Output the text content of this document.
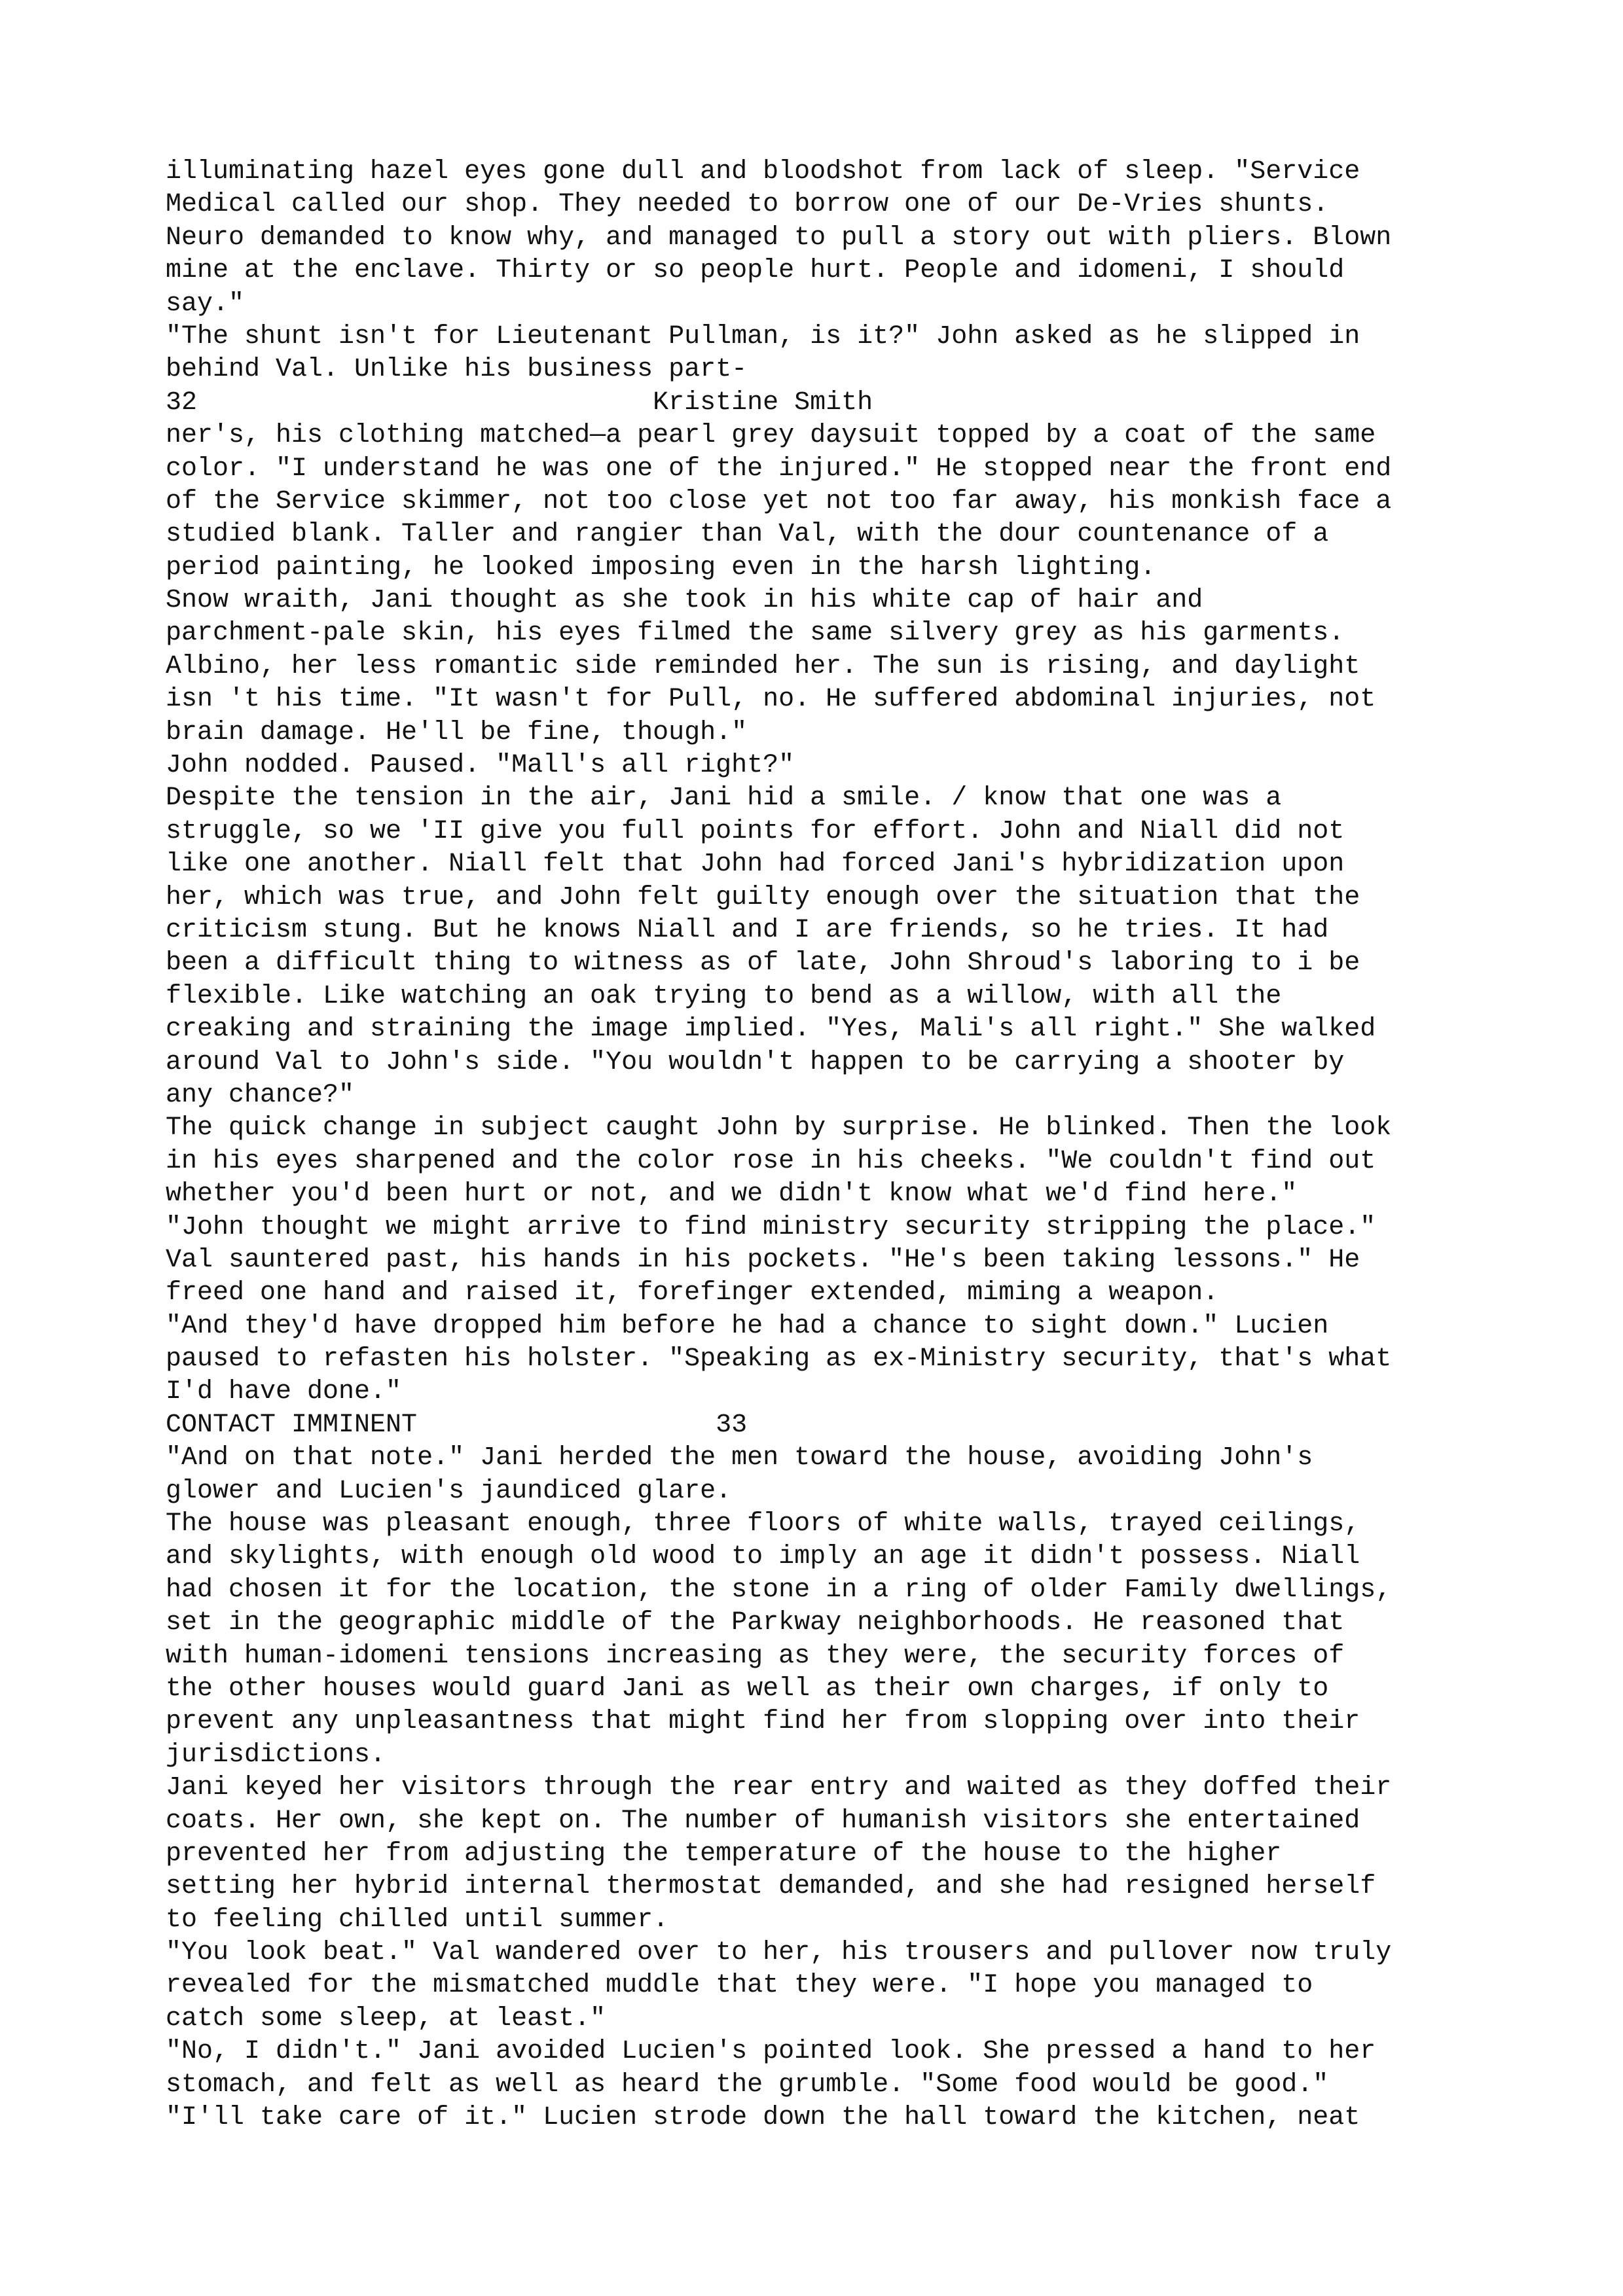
illuminating hazel eyes gone dull and bloodshot from lack of sleep. "Service
Medical called our shop. They needed to borrow one of our De-Vries shunts.
Neuro demanded to know why, and managed to pull a story out with pliers. Blown
mine at the enclave. Thirty or so people hurt. People and idomeni, I should
say."
"The shunt isn't for Lieutenant Pullman, is it?" John asked as he slipped in
behind Val. Unlike his business part-
32                             Kristine Smith
ner's, his clothing matched—a pearl grey daysuit topped by a coat of the same
color. "I understand he was one of the injured." He stopped near the front end
of the Service skimmer, not too close yet not too far away, his monkish face a
studied blank. Taller and rangier than Val, with the dour countenance of a
period painting, he looked imposing even in the harsh lighting.
Snow wraith, Jani thought as she took in his white cap of hair and
parchment-pale skin, his eyes filmed the same silvery grey as his garments.
Albino, her less romantic side reminded her. The sun is rising, and daylight
isn 't his time. "It wasn't for Pull, no. He suffered abdominal injuries, not
brain damage. He'll be fine, though."
John nodded. Paused. "Mall's all right?"
Despite the tension in the air, Jani hid a smile. / know that one was a
struggle, so we 'II give you full points for effort. John and Niall did not
like one another. Niall felt that John had forced Jani's hybridization upon
her, which was true, and John felt guilty enough over the situation that the
criticism stung. But he knows Niall and I are friends, so he tries. It had
been a difficult thing to witness as of late, John Shroud's laboring to i be
flexible. Like watching an oak trying to bend as a willow, with all the
creaking and straining the image implied. "Yes, Mali's all right." She walked
around Val to John's side. "You wouldn't happen to be carrying a shooter by
any chance?"
The quick change in subject caught John by surprise. He blinked. Then the look
in his eyes sharpened and the color rose in his cheeks. "We couldn't find out
whether you'd been hurt or not, and we didn't know what we'd find here."
"John thought we might arrive to find ministry security stripping the place."
Val sauntered past, his hands in his pockets. "He's been taking lessons." He
freed one hand and raised it, forefinger extended, miming a weapon.
"And they'd have dropped him before he had a chance to sight down." Lucien
paused to refasten his holster. "Speaking as ex-Ministry security, that's what
I'd have done."
CONTACT IMMINENT                   33
"And on that note." Jani herded the men toward the house, avoiding John's
glower and Lucien's jaundiced glare.
The house was pleasant enough, three floors of white walls, trayed ceilings,
and skylights, with enough old wood to imply an age it didn't possess. Niall
had chosen it for the location, the stone in a ring of older Family dwellings,
set in the geographic middle of the Parkway neighborhoods. He reasoned that
with human-idomeni tensions increasing as they were, the security forces of
the other houses would guard Jani as well as their own charges, if only to
prevent any unpleasantness that might find her from slopping over into their
jurisdictions.
Jani keyed her visitors through the rear entry and waited as they doffed their
coats. Her own, she kept on. The number of humanish visitors she entertained
prevented her from adjusting the temperature of the house to the higher
setting her hybrid internal thermostat demanded, and she had resigned herself
to feeling chilled until summer.
"You look beat." Val wandered over to her, his trousers and pullover now truly
revealed for the mismatched muddle that they were. "I hope you managed to
catch some sleep, at least."
"No, I didn't." Jani avoided Lucien's pointed look. She pressed a hand to her
stomach, and felt as well as heard the grumble. "Some food would be good."
"I'll take care of it." Lucien strode down the hall toward the kitchen, neat
